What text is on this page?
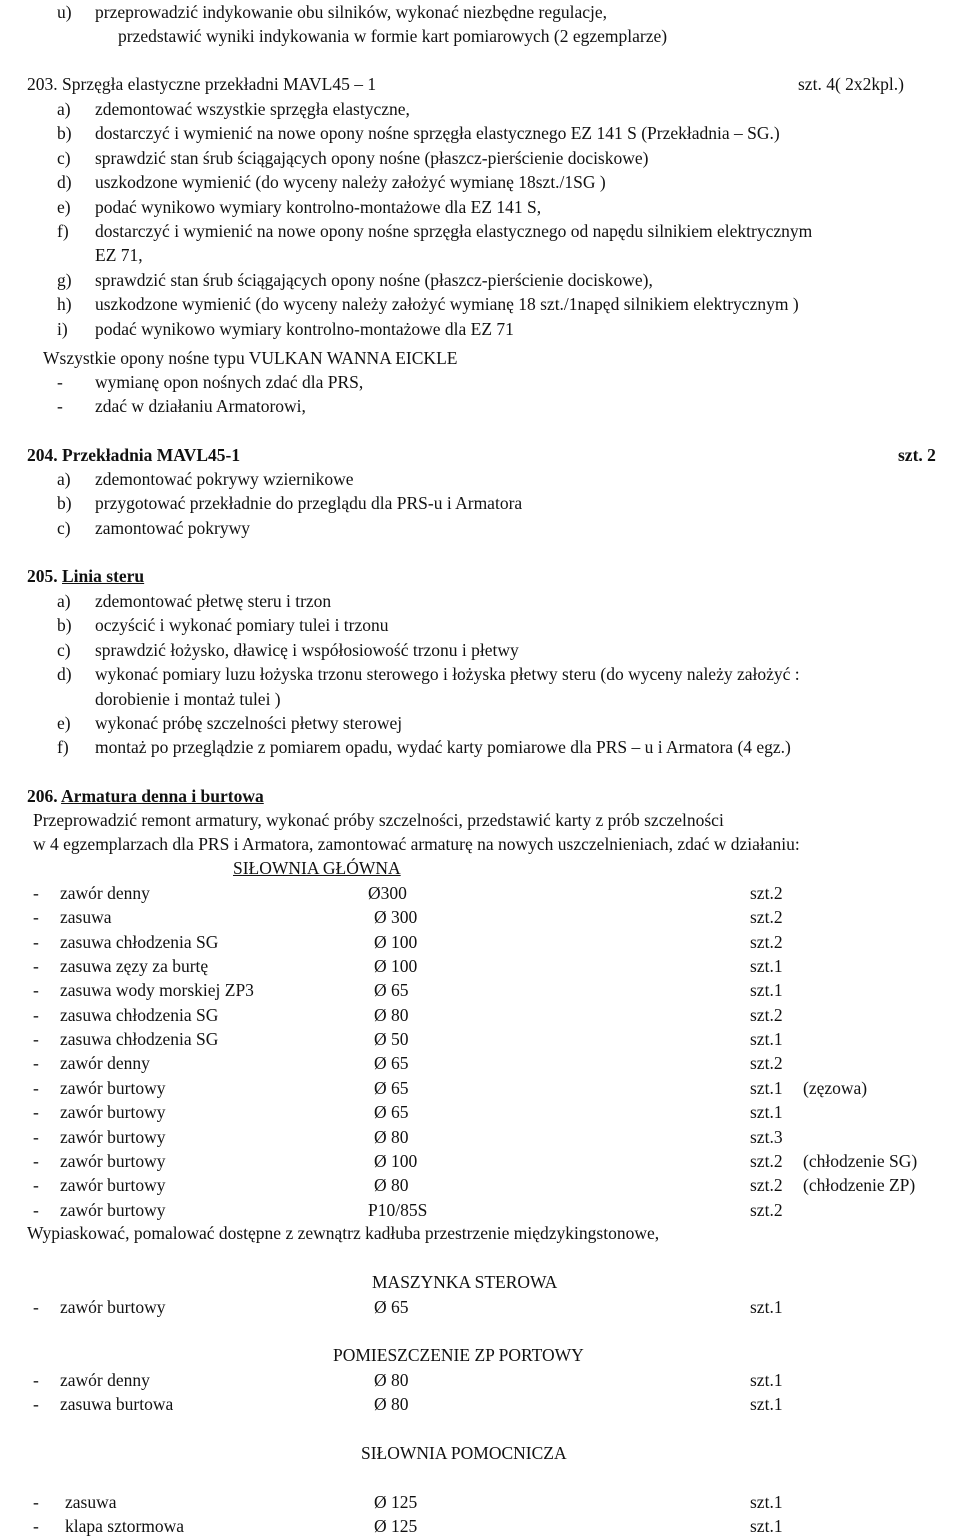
u) przeprowadzić indykowanie obu silników, wykonać niezbędne regulacje,
przedstawić wyniki indykowania w formie kart pomiarowych (2 egzemplarze)
203. Sprzęgła elastyczne przekładni MAVL45 – 1	szt. 4( 2x2kpl.)
a) zdemontować wszystkie sprzęgła elastyczne,
b) dostarczyć i wymienić na nowe opony nośne sprzęgła elastycznego EZ 141 S (Przekładnia – SG.)
c) sprawdzić stan śrub ściągających opony nośne (płaszcz-pierścienie dociskowe)
d) uszkodzone wymienić (do wyceny należy założyć wymianę 18szt./1SG )
e) podać wynikowo wymiary kontrolno-montażowe dla EZ 141 S,
f) dostarczyć i wymienić na nowe opony nośne sprzęgła elastycznego od napędu silnikiem elektrycznym
EZ 71,
g) sprawdzić stan śrub ściągających opony nośne (płaszcz-pierścienie dociskowe),
h) uszkodzone wymienić (do wyceny należy założyć wymianę 18 szt./1napęd silnikiem elektrycznym )
i) podać wynikowo wymiary kontrolno-montażowe dla EZ 71
Wszystkie opony nośne typu VULKAN WANNA EICKLE
- wymianę opon nośnych zdać dla PRS,
- zdać w działaniu Armatorowi,
204. Przekładnia MAVL45-1	szt. 2
a) zdemontować pokrywy wziernikowe
b) przygotować przekładnie do przeglądu dla PRS-u i Armatora
c) zamontować pokrywy
205. Linia steru
a) zdemontować płetwę steru i trzon
b) oczyścić i wykonać pomiary tulei i trzonu
c) sprawdzić łożysko, dławicę i współosiowość trzonu i płetwy
d) wykonać pomiary luzu łożyska trzonu sterowego i łożyska płetwy steru (do wyceny należy założyć :
dorobienie i montaż tulei )
e) wykonać próbę szczelności płetwy sterowej
f) montaż po przeglądzie z pomiarem opadu, wydać karty pomiarowe dla PRS – u i Armatora (4 egz.)
206. Armatura denna i burtowa
Przeprowadzić remont armatury, wykonać próby szczelności, przedstawić karty z prób szczelności
w 4 egzemplarzach dla PRS i Armatora, zamontować armaturę na nowych uszczelnieniach, zdać w działaniu:
SIŁOWNIA GŁÓWNA
- zawór denny	Ø300	szt.2
- zasuwa	Ø 300	szt.2
- zasuwa chłodzenia SG	Ø 100	szt.2
- zasuwa zęzy za burtę	Ø 100	szt.1
- zasuwa wody morskiej ZP3	Ø 65	szt.1
- zasuwa chłodzenia SG	Ø 80	szt.2
- zasuwa chłodzenia SG	Ø 50	szt.1
- zawór denny	Ø 65	szt.2
- zawór burtowy	Ø 65	szt.1 (zęzowa)
- zawór burtowy	Ø 65	szt.1
- zawór burtowy	Ø 80	szt.3
- zawór burtowy	Ø 100	szt.2 (chłodzenie SG)
- zawór burtowy	Ø 80	szt.2 (chłodzenie ZP)
- zawór burtowy	P10/85S	szt.2
Wypiaskować, pomalować dostępne z zewnątrz kadłuba przestrzenie międzykingstonowe,
MASZYNKA STEROWA
- zawór burtowy	Ø 65	szt.1
POMIESZCZENIE ZP PORTOWY
- zawór denny	Ø 80	szt.1
- zasuwa burtowa	Ø 80	szt.1
SIŁOWNIA POMOCNICZA
- zasuwa	Ø 125	szt.1
- klapa sztormowa	Ø 125	szt.1
